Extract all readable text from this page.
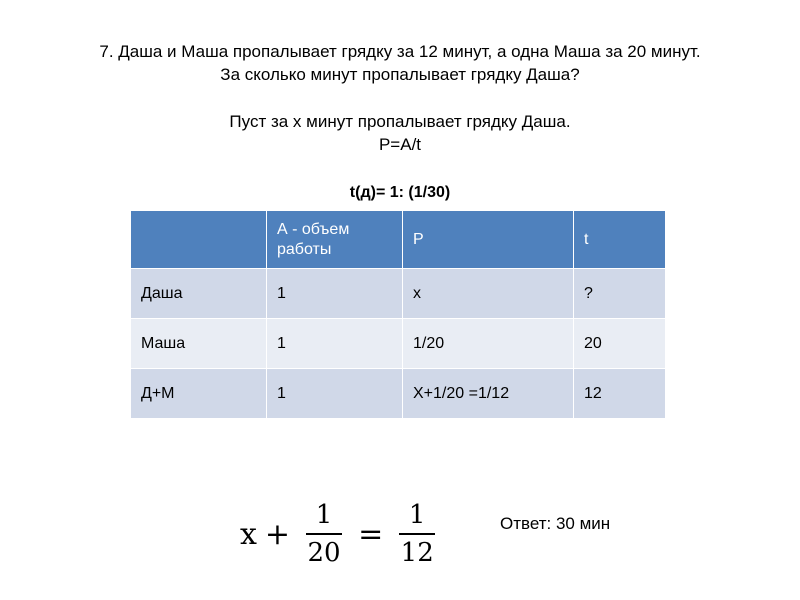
7. Даша и Маша пропалывает грядку за 12 минут, а одна Маша за 20 минут.
За сколько минут пропалывает грядку Даша?
Пуст за х минут пропалывает грядку Даша.
P=A/t
t(д)= 1: (1/30)
	А - объем работы	P	t
Даша	1	x	?
Маша	1	1/20	20
Д+М	1	Х+1/20 =1/12	12
$x + \frac{1}{20} = \frac{1}{12}$	Ответ: 30 мин
